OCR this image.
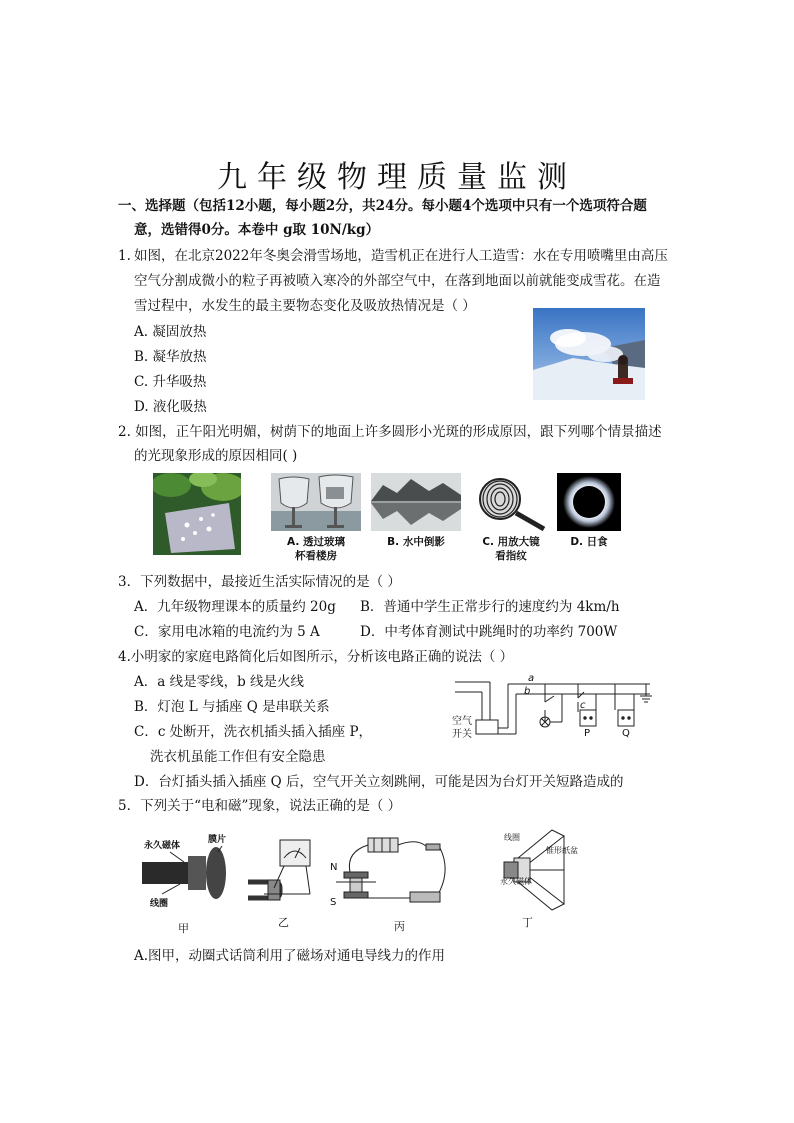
九年级物理质量监测
一、选择题（包括12小题，每小题2分，共24分。每小题4个选项中只有一个选项符合题
意，选错得0分。本卷中 g取 10N/kg）
1. 如图，在北京2022年冬奥会滑雪场地，造雪机正在进行人工造雪：水在专用喷嘴里由高压
空气分割成微小的粒子再被喷入寒冷的外部空气中，在落到地面以前就能变成雪花。在造
雪过程中，水发生的最主要物态变化及吸放热情况是（ ）
A. 凝固放热
B. 凝华放热
C. 升华吸热
D. 液化吸热
2. 如图，正午阳光明媚，树荫下的地面上许多圆形小光斑的形成原因，跟下列哪个情景描述
的光现象形成的原因相同( )
A. 透过玻璃
杯看楼房
B. 水中倒影	C. 用放大镜
看指纹
D. 日食
3．下列数据中，最接近生活实际情况的是（ ）
A．九年级物理课本的质量约 20g B．普通中学生正常步行的速度约为 4km/h
C．家用电冰箱的电流约为 5 A	D．中考体育测试中跳绳时的功率约 700W
4.小明家的家庭电路简化后如图所示，分析该电路正确的说法（ ）
A．a 线是零线，b 线是火线
B．灯泡 L 与插座 Q 是串联关系
C．c 处断开，洗衣机插头插入插座 P，
洗衣机虽能工作但有安全隐患
D．台灯插头插入插座 Q 后，空气开关立刻跳闸，可能是因为台灯开关短路造成的
空气
开关
a
b
c
P	Q
5．下列关于“电和磁”现象，说法正确的是（ ）
永久磁体
膜片
线圈
甲	乙
N
S
丙
线圈
锥形纸盆
永久磁体
丁
A.图甲，动圈式话筒利用了磁场对通电导线力的作用
